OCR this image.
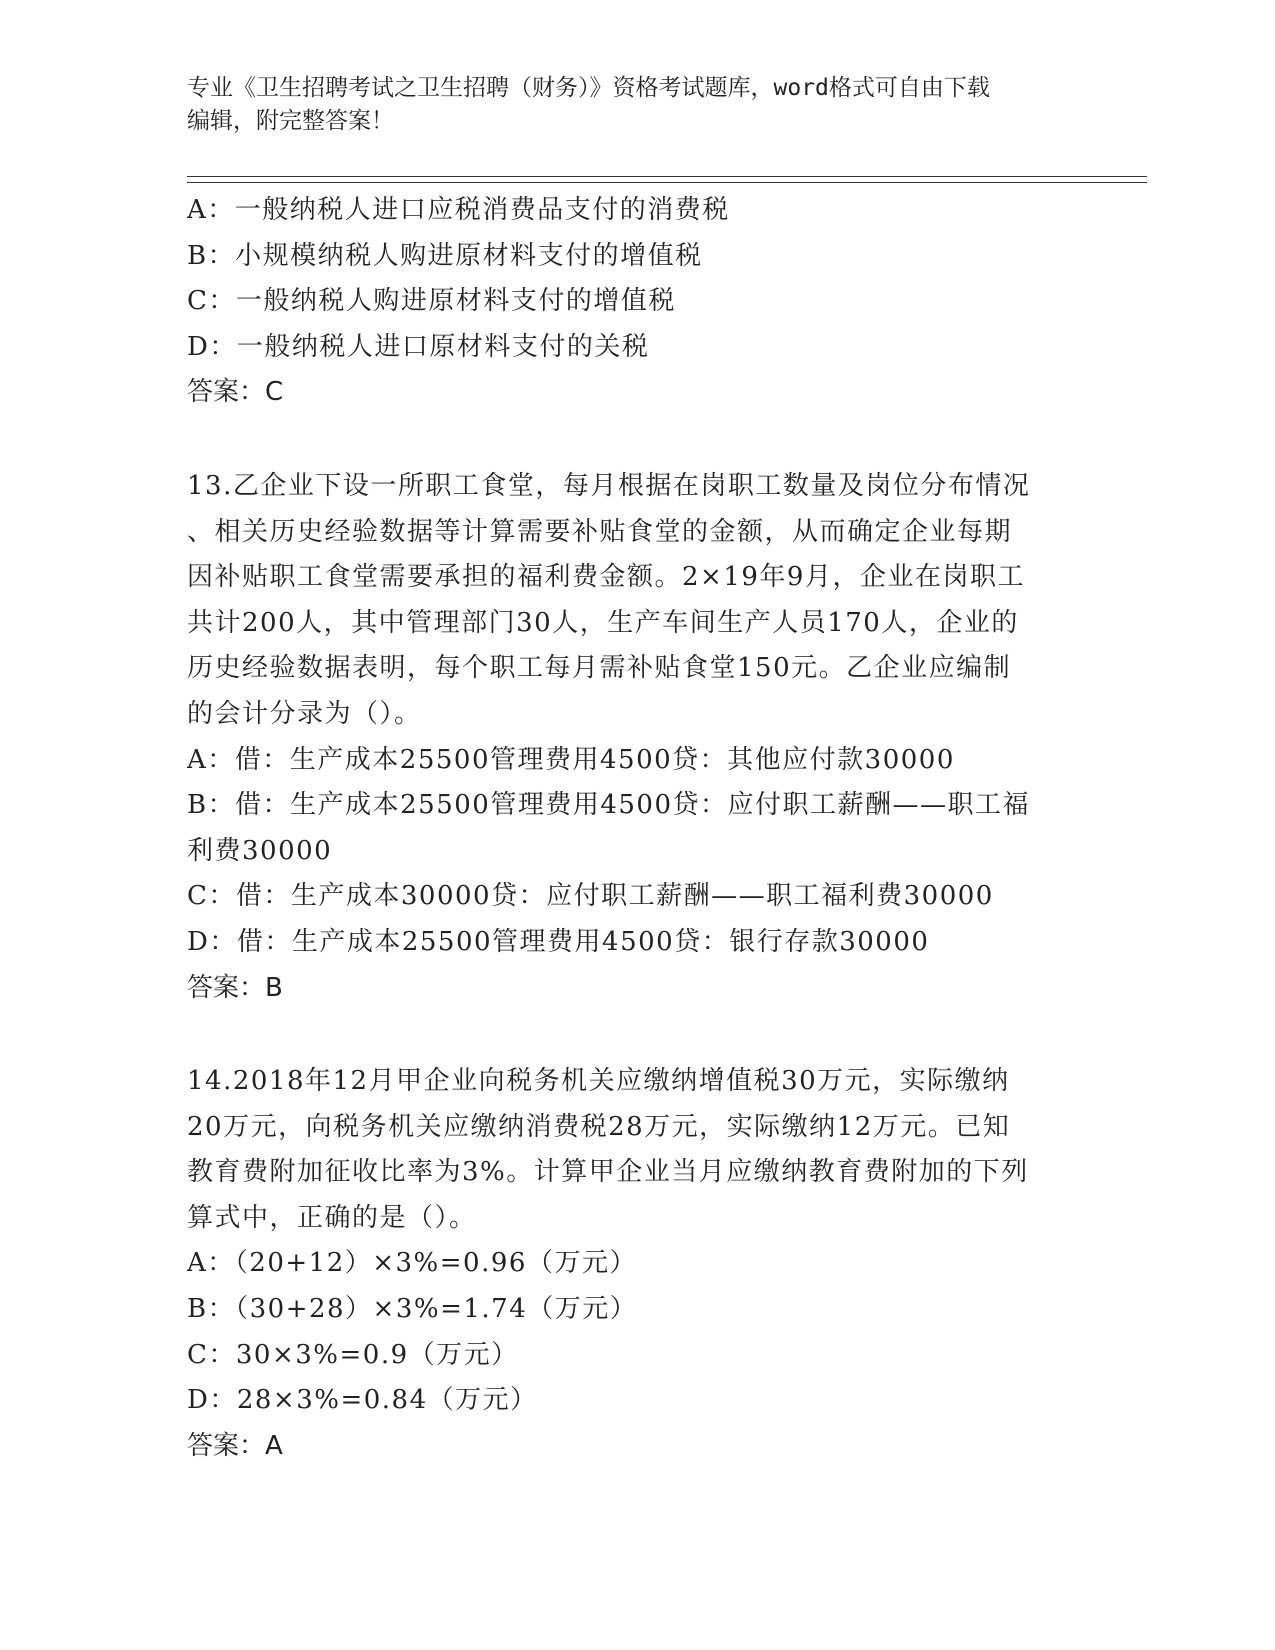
专业《卫生招聘考试之卫生招聘（财务）》资格考试题库，word格式可自由下载
编辑，附完整答案！
A：一般纳税人进口应税消费品支付的消费税
B：小规模纳税人购进原材料支付的增值税
C：一般纳税人购进原材料支付的增值税
D：一般纳税人进口原材料支付的关税
答案：C
13.乙企业下设一所职工食堂，每月根据在岗职工数量及岗位分布情况
、相关历史经验数据等计算需要补贴食堂的金额，从而确定企业每期
因补贴职工食堂需要承担的福利费金额。2×19年9月，企业在岗职工
共计200人，其中管理部门30人，生产车间生产人员170人，企业的
历史经验数据表明，每个职工每月需补贴食堂150元。乙企业应编制
的会计分录为（）。
A：借：生产成本25500管理费用4500贷：其他应付款30000
B：借：生产成本25500管理费用4500贷：应付职工薪酬——职工福
利费30000
C：借：生产成本30000贷：应付职工薪酬——职工福利费30000
D：借：生产成本25500管理费用4500贷：银行存款30000
答案：B
14.2018年12月甲企业向税务机关应缴纳增值税30万元，实际缴纳
20万元，向税务机关应缴纳消费税28万元，实际缴纳12万元。已知
教育费附加征收比率为3%。计算甲企业当月应缴纳教育费附加的下列
算式中，正确的是（）。
A：（20+12）×3%=0.96（万元）
B：（30+28）×3%=1.74（万元）
C：30×3%=0.9（万元）
D：28×3%=0.84（万元）
答案：A
